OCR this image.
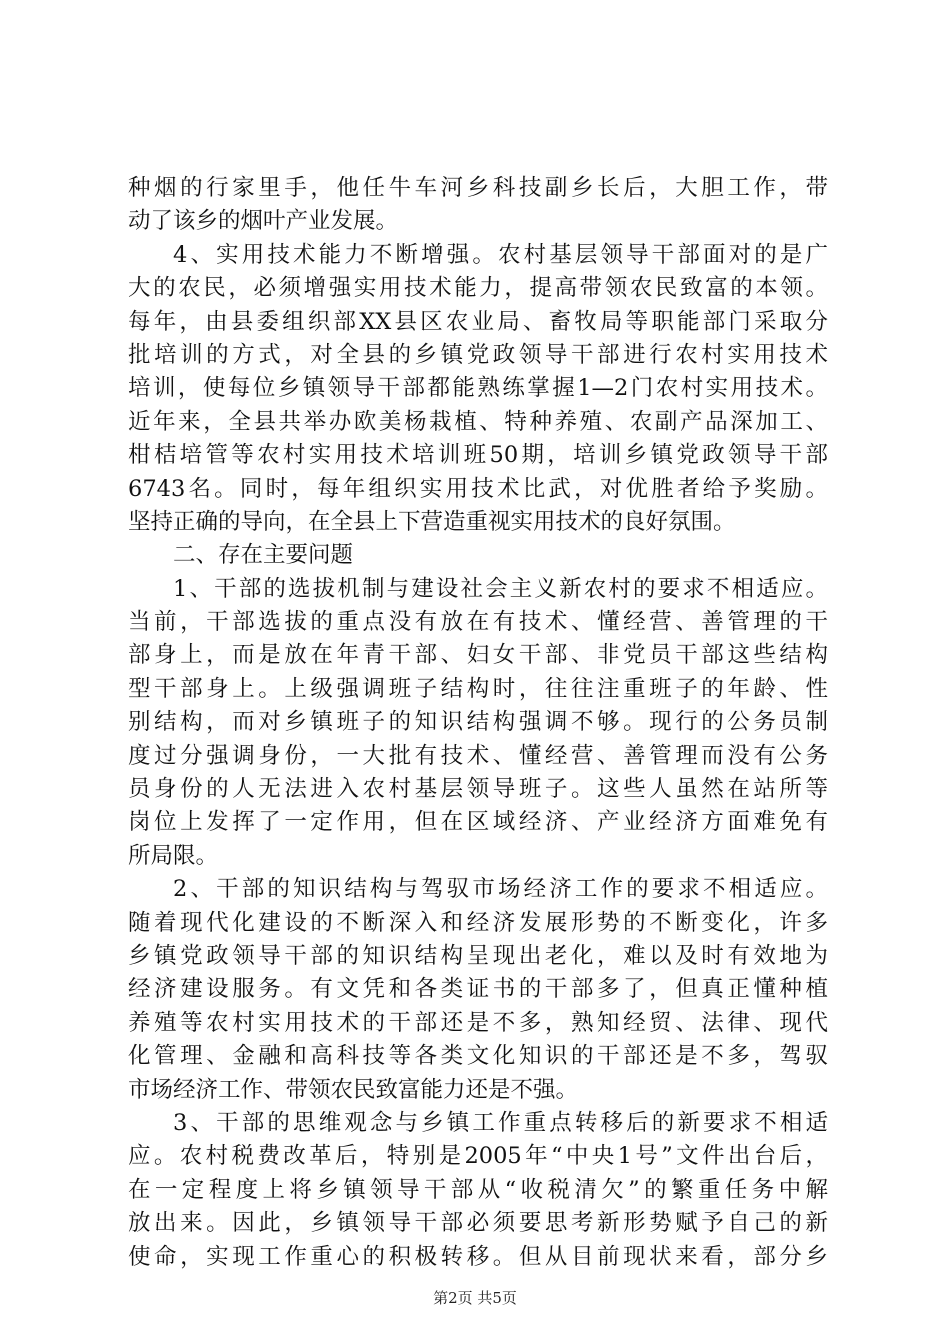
种烟的行家里手，他任牛车河乡科技副乡长后，大胆工作，带
动了该乡的烟叶产业发展。
4、实用技术能力不断增强。农村基层领导干部面对的是广
大的农民，必须增强实用技术能力，提高带领农民致富的本领。
每年，由县委组织部XX县区农业局、畜牧局等职能部门采取分
批培训的方式，对全县的乡镇党政领导干部进行农村实用技术
培训，使每位乡镇领导干部都能熟练掌握1—2门农村实用技术。
近年来，全县共举办欧美杨栽植、特种养殖、农副产品深加工、
柑桔培管等农村实用技术培训班50期，培训乡镇党政领导干部
6743名。同时，每年组织实用技术比武，对优胜者给予奖励。
坚持正确的导向，在全县上下营造重视实用技术的良好氛围。
二、存在主要问题
1、干部的选拔机制与建设社会主义新农村的要求不相适应。
当前，干部选拔的重点没有放在有技术、懂经营、善管理的干
部身上，而是放在年青干部、妇女干部、非党员干部这些结构
型干部身上。上级强调班子结构时，往往注重班子的年龄、性
别结构，而对乡镇班子的知识结构强调不够。现行的公务员制
度过分强调身份，一大批有技术、懂经营、善管理而没有公务
员身份的人无法进入农村基层领导班子。这些人虽然在站所等
岗位上发挥了一定作用，但在区域经济、产业经济方面难免有
所局限。
2、干部的知识结构与驾驭市场经济工作的要求不相适应。
随着现代化建设的不断深入和经济发展形势的不断变化，许多
乡镇党政领导干部的知识结构呈现出老化，难以及时有效地为
经济建设服务。有文凭和各类证书的干部多了，但真正懂种植
养殖等农村实用技术的干部还是不多，熟知经贸、法律、现代
化管理、金融和高科技等各类文化知识的干部还是不多，驾驭
市场经济工作、带领农民致富能力还是不强。
3、干部的思维观念与乡镇工作重点转移后的新要求不相适
应。农村税费改革后，特别是2005年“中央1号”文件出台后，
在一定程度上将乡镇领导干部从“收税清欠”的繁重任务中解
放出来。因此，乡镇领导干部必须要思考新形势赋予自己的新
使命，实现工作重心的积极转移。但从目前现状来看，部分乡
第2页 共5页
